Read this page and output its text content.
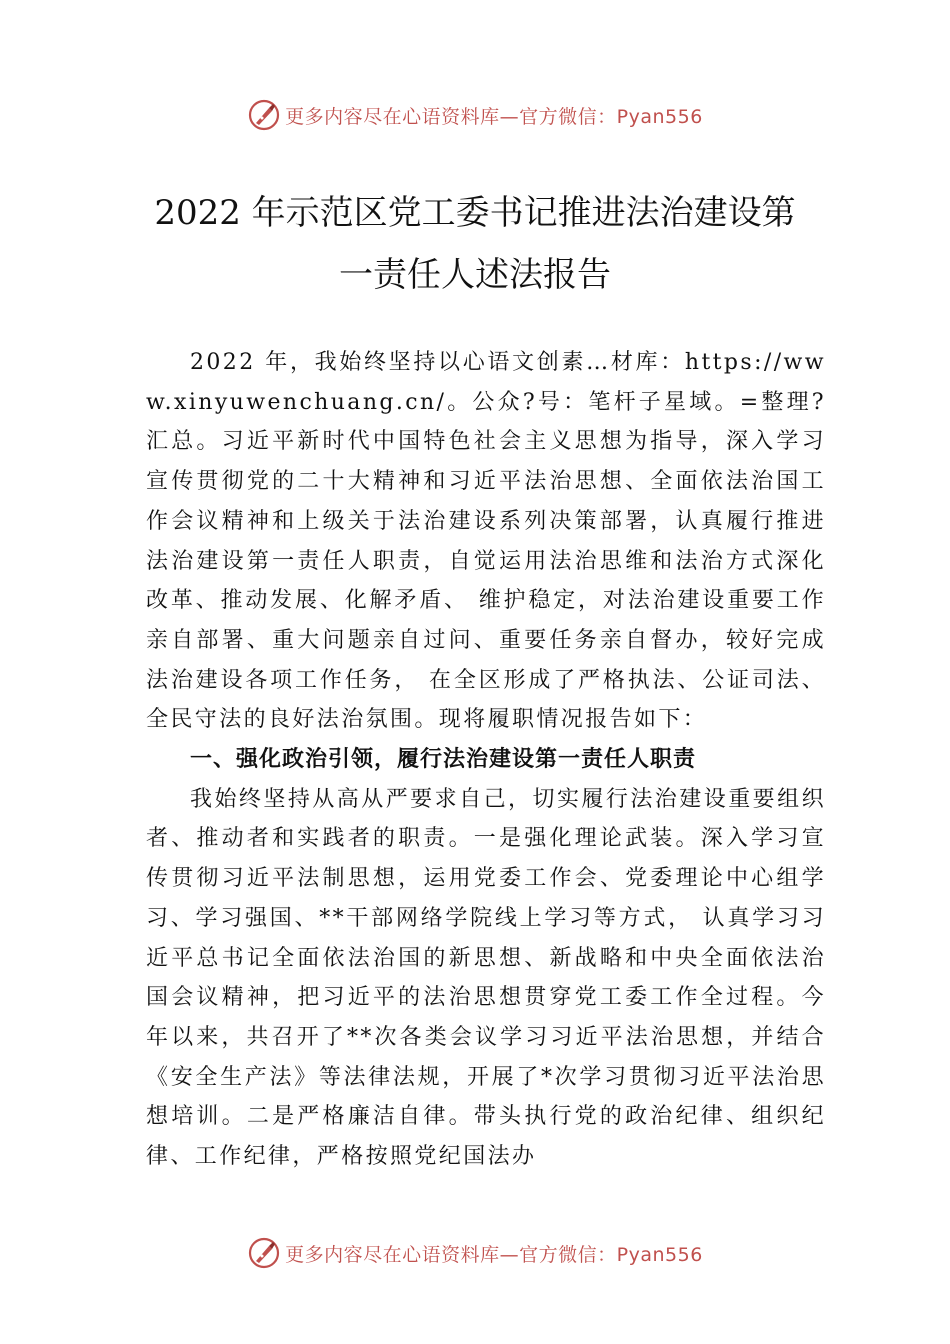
更多内容尽在心语资料库—官方微信：Pyan556
2022 年示范区党工委书记推进法治建设第
一责任人述法报告

2022 年，我始终坚持以心语文创素…材库：https://www.xinyuwenchuang.cn/。公众?号：笔杆子星域。=整理?汇总。习近平新时代中国特色社会主义思想为指导，深入学习宣传贯彻党的二十大精神和习近平法治思想、全面依法治国工作会议精神和上级关于法治建设系列决策部署，认真履行推进法治建设第一责任人职责，自觉运用法治思维和法治方式深化改革、推动发展、化解矛盾、 维护稳定，对法治建设重要工作亲自部署、重大问题亲自过问、重要任务亲自督办，较好完成法治建设各项工作任务， 在全区形成了严格执法、公证司法、全民守法的良好法治氛围。现将履职情况报告如下：

一、强化政治引领，履行法治建设第一责任人职责

我始终坚持从高从严要求自己，切实履行法治建设重要组织者、推动者和实践者的职责。一是强化理论武装。深入学习宣传贯彻习近平法制思想，运用党委工作会、党委理论中心组学习、学习强国、**干部网络学院线上学习等方式， 认真学习习近平总书记全面依法治国的新思想、新战略和中央全面依法治国会议精神，把习近平的法治思想贯穿党工委工作全过程。今年以来，共召开了**次各类会议学习习近平法治思想，并结合《安全生产法》等法律法规，开展了*次学习贯彻习近平法治思想培训。二是严格廉洁自律。带头执行党的政治纪律、组织纪律、工作纪律，严格按照党纪国法办

更多内容尽在心语资料库—官方微信：Pyan556
